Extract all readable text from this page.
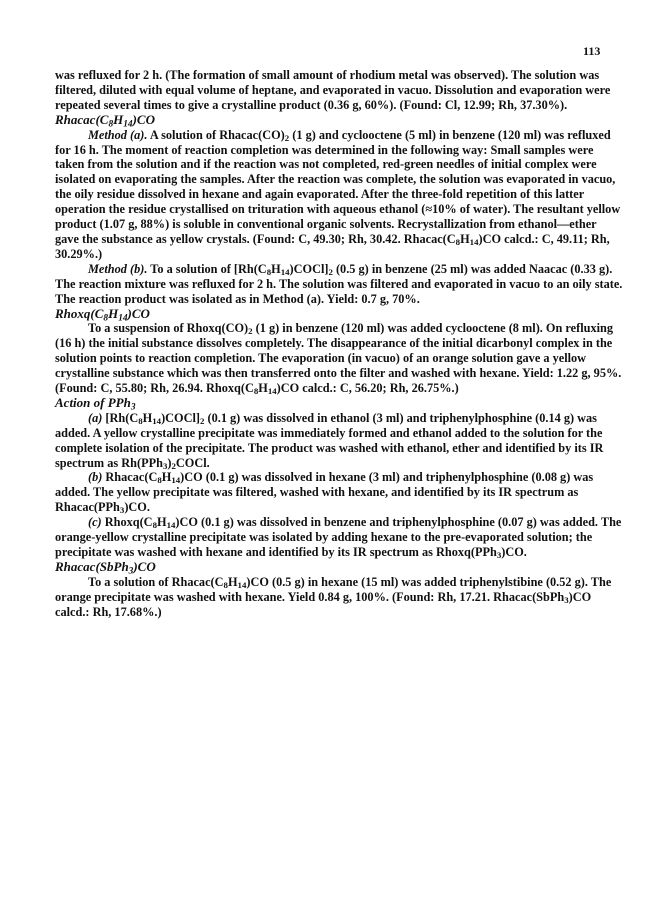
113

was refluxed for 2 h. (The formation of small amount of rhodium metal was observed). The solution was filtered, diluted with equal volume of heptane, and evaporated in vacuo. Dissolution and evaporation were repeated several times to give a crystalline product (0.36 g, 60%). (Found: Cl, 12.99; Rh, 37.30%).

$Rhacac(C_8H_{14})CO$

Method (a). A solution of $Rhacac(CO)_2$ (1 g) and cyclooctene (5 ml) in benzene (120 ml) was refluxed for 16 h. The moment of reaction completion was determined in the following way: Small samples were taken from the solution and if the reaction was not completed, red-green needles of initial complex were isolated on evaporating the samples. After the reaction was complete, the solution was evaporated in vacuo, the oily residue dissolved in hexane and again evaporated. After the three-fold repetition of this latter operation the residue crystallised on trituration with aqueous ethanol (≈10% of water). The resultant yellow product (1.07 g, 88%) is soluble in conventional organic solvents. Recrystallization from ethanol—ether gave the substance as yellow crystals. (Found: C, 49.30; Rh, 30.42. $Rhacac(C_8H_{14})CO$ calcd.: C, 49.11; Rh, 30.29%.)

Method (b). To a solution of $[Rh(C_8H_{14})COCl]_2$ (0.5 g) in benzene (25 ml) was added Naacac (0.33 g). The reaction mixture was refluxed for 2 h. The solution was filtered and evaporated in vacuo to an oily state. The reaction product was isolated as in Method (a). Yield: 0.7 g, 70%.

$Rhoxq(C_8H_{14})CO$

To a suspension of $Rhoxq(CO)_2$ (1 g) in benzene (120 ml) was added cyclooctene (8 ml). On refluxing (16 h) the initial substance dissolves completely. The disappearance of the initial dicarbonyl complex in the solution points to reaction completion. The evaporation (in vacuo) of an orange solution gave a yellow crystalline substance which was then transferred onto the filter and washed with hexane. Yield: 1.22 g, 95%. (Found: C, 55.80; Rh, 26.94. $Rhoxq(C_8H_{14})CO$ calcd.: C, 56.20; Rh, 26.75%.)

Action of PPh$_3$

(a) $[Rh(C_8H_{14})COCl]_2$ (0.1 g) was dissolved in ethanol (3 ml) and triphenylphosphine (0.14 g) was added. A yellow crystalline precipitate was immediately formed and ethanol added to the solution for the complete isolation of the precipitate. The product was washed with ethanol, ether and identified by its IR spectrum as $Rh(PPh_3)_2COCl$.

(b) $Rhacac(C_8H_{14})CO$ (0.1 g) was dissolved in hexane (3 ml) and triphenylphosphine (0.08 g) was added. The yellow precipitate was filtered, washed with hexane, and identified by its IR spectrum as Rhacac(PPh$_3$)CO.

(c) $Rhoxq(C_8H_{14})CO$ (0.1 g) was dissolved in benzene and triphenylphosphine (0.07 g) was added. The orange-yellow crystalline precipitate was isolated by adding hexane to the pre-evaporated solution; the precipitate was washed with hexane and identified by its IR spectrum as Rhoxq(PPh$_3$)CO.

Rhacac(SbPh$_3$)CO

To a solution of $Rhacac(C_8H_{14})CO$ (0.5 g) in hexane (15 ml) was added triphenylstibine (0.52 g). The orange precipitate was washed with hexane. Yield 0.84 g, 100%. (Found: Rh, 17.21. Rhacac(SbPh$_3$)CO calcd.: Rh, 17.68%.)
